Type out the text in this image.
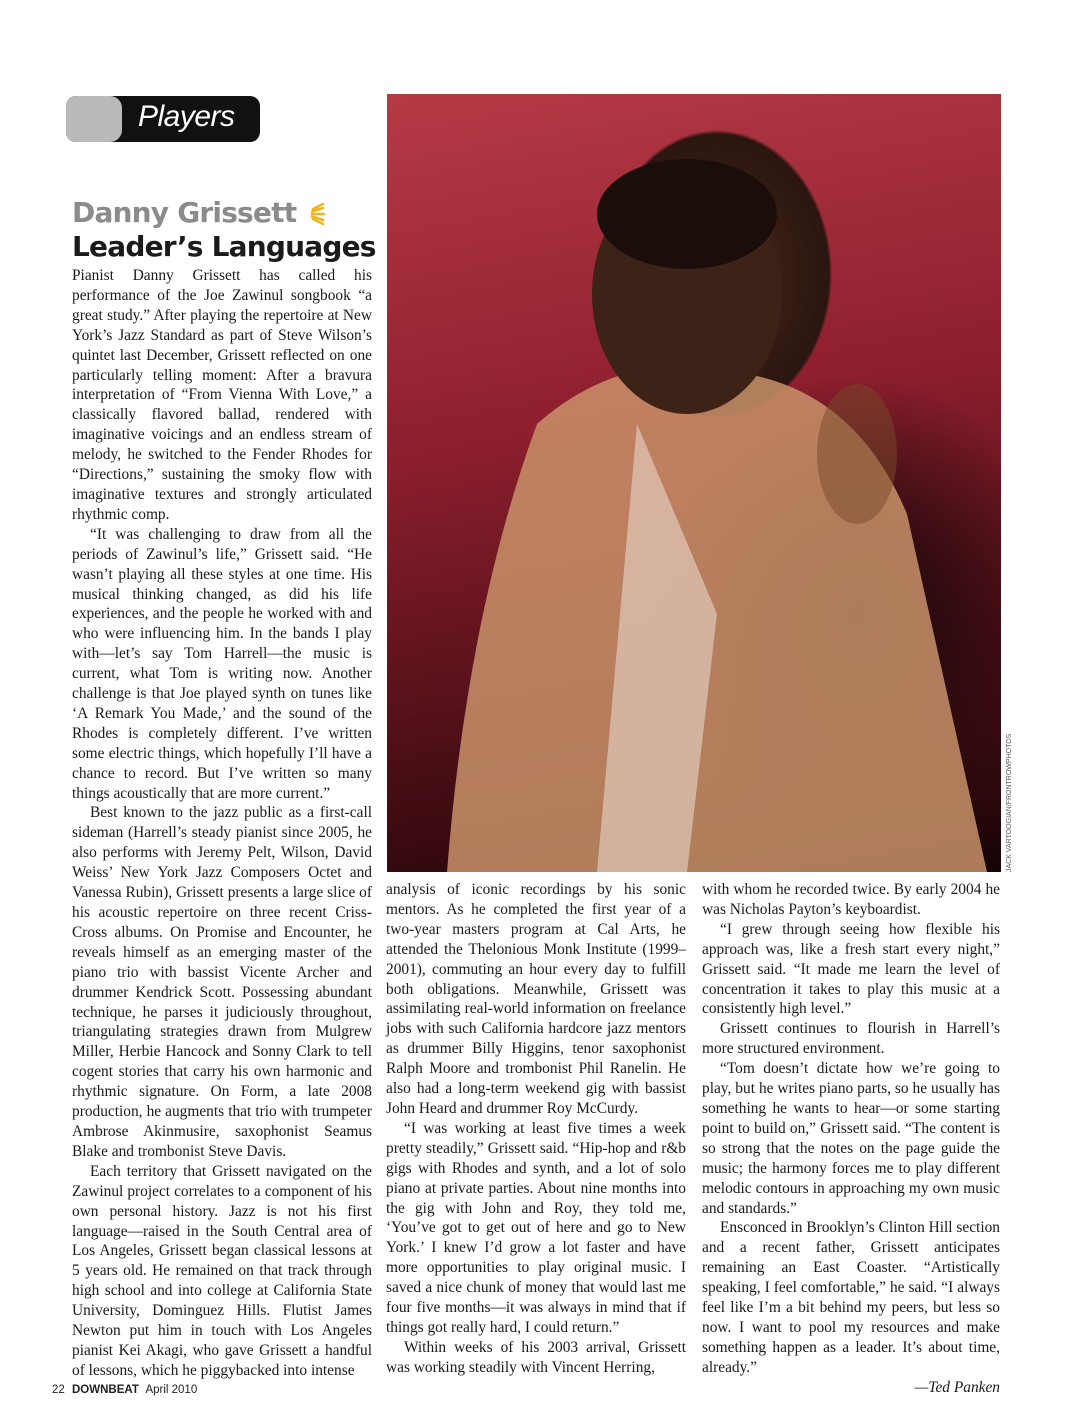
Players
Danny Grissett
Leader’s Languages

Pianist Danny Grissett has called his performance of the Joe Zawinul songbook “a great study.” After playing the repertoire at New York’s Jazz Standard as part of Steve Wilson’s quintet last December, Grissett reflected on one particularly telling moment: After a bravura interpretation of “From Vienna With Love,” a classically flavored ballad, rendered with imaginative voicings and an endless stream of melody, he switched to the Fender Rhodes for “Directions,” sustaining the smoky flow with imaginative textures and strongly articulated rhythmic comp.

“It was challenging to draw from all the periods of Zawinul’s life,” Grissett said. “He wasn’t playing all these styles at one time. His musical thinking changed, as did his life experiences, and the people he worked with and who were influencing him. In the bands I play with—let’s say Tom Harrell—the music is current, what Tom is writing now. Another challenge is that Joe played synth on tunes like ‘A Remark You Made,’ and the sound of the Rhodes is completely different. I’ve written some electric things, which hopefully I’ll have a chance to record. But I’ve written so many things acoustically that are more current.”

Best known to the jazz public as a first-call sideman (Harrell’s steady pianist since 2005, he also performs with Jeremy Pelt, Wilson, David Weiss’ New York Jazz Composers Octet and Vanessa Rubin), Grissett presents a large slice of his acoustic repertoire on three recent Criss-Cross albums. On Promise and Encounter, he reveals himself as an emerging master of the piano trio with bassist Vicente Archer and drummer Kendrick Scott. Possessing abundant technique, he parses it judiciously throughout, triangulating strategies drawn from Mulgrew Miller, Herbie Hancock and Sonny Clark to tell cogent stories that carry his own harmonic and rhythmic signature. On Form, a late 2008 production, he augments that trio with trumpeter Ambrose Akinmusire, saxophonist Seamus Blake and trombonist Steve Davis.

Each territory that Grissett navigated on the Zawinul project correlates to a component of his own personal history. Jazz is not his first language—raised in the South Central area of Los Angeles, Grissett began classical lessons at 5 years old. He remained on that track through high school and into college at California State University, Dominguez Hills. Flutist James Newton put him in touch with Los Angeles pianist Kei Akagi, who gave Grissett a handful of lessons, which he piggybacked into intense

JACK VARTOOGIAN/FRONTROWPHOTOS

analysis of iconic recordings by his sonic mentors. As he completed the first year of a two-year masters program at Cal Arts, he attended the Thelonious Monk Institute (1999–2001), commuting an hour every day to fulfill both obligations. Meanwhile, Grissett was assimilating real-world information on freelance jobs with such California hardcore jazz mentors as drummer Billy Higgins, tenor saxophonist Ralph Moore and trombonist Phil Ranelin. He also had a long-term weekend gig with bassist John Heard and drummer Roy McCurdy.

“I was working at least five times a week pretty steadily,” Grissett said. “Hip-hop and r&b gigs with Rhodes and synth, and a lot of solo piano at private parties. About nine months into the gig with John and Roy, they told me, ‘You’ve got to get out of here and go to New York.’ I knew I’d grow a lot faster and have more opportunities to play original music. I saved a nice chunk of money that would last me four five months—it was always in mind that if things got really hard, I could return.”

Within weeks of his 2003 arrival, Grissett was working steadily with Vincent Herring,

with whom he recorded twice. By early 2004 he was Nicholas Payton’s keyboardist.

“I grew through seeing how flexible his approach was, like a fresh start every night,” Grissett said. “It made me learn the level of concentration it takes to play this music at a consistently high level.”

Grissett continues to flourish in Harrell’s more structured environment.

“Tom doesn’t dictate how we’re going to play, but he writes piano parts, so he usually has something he wants to hear—or some starting point to build on,” Grissett said. “The content is so strong that the notes on the page guide the music; the harmony forces me to play different melodic contours in approaching my own music and standards.”

Ensconced in Brooklyn’s Clinton Hill section and a recent father, Grissett anticipates remaining an East Coaster. “Artistically speaking, I feel comfortable,” he said. “I always feel like I’m a bit behind my peers, but less so now. I want to pool my resources and make something happen as a leader. It’s about time, already.”

—Ted Panken

22 DOWNBEAT April 2010
